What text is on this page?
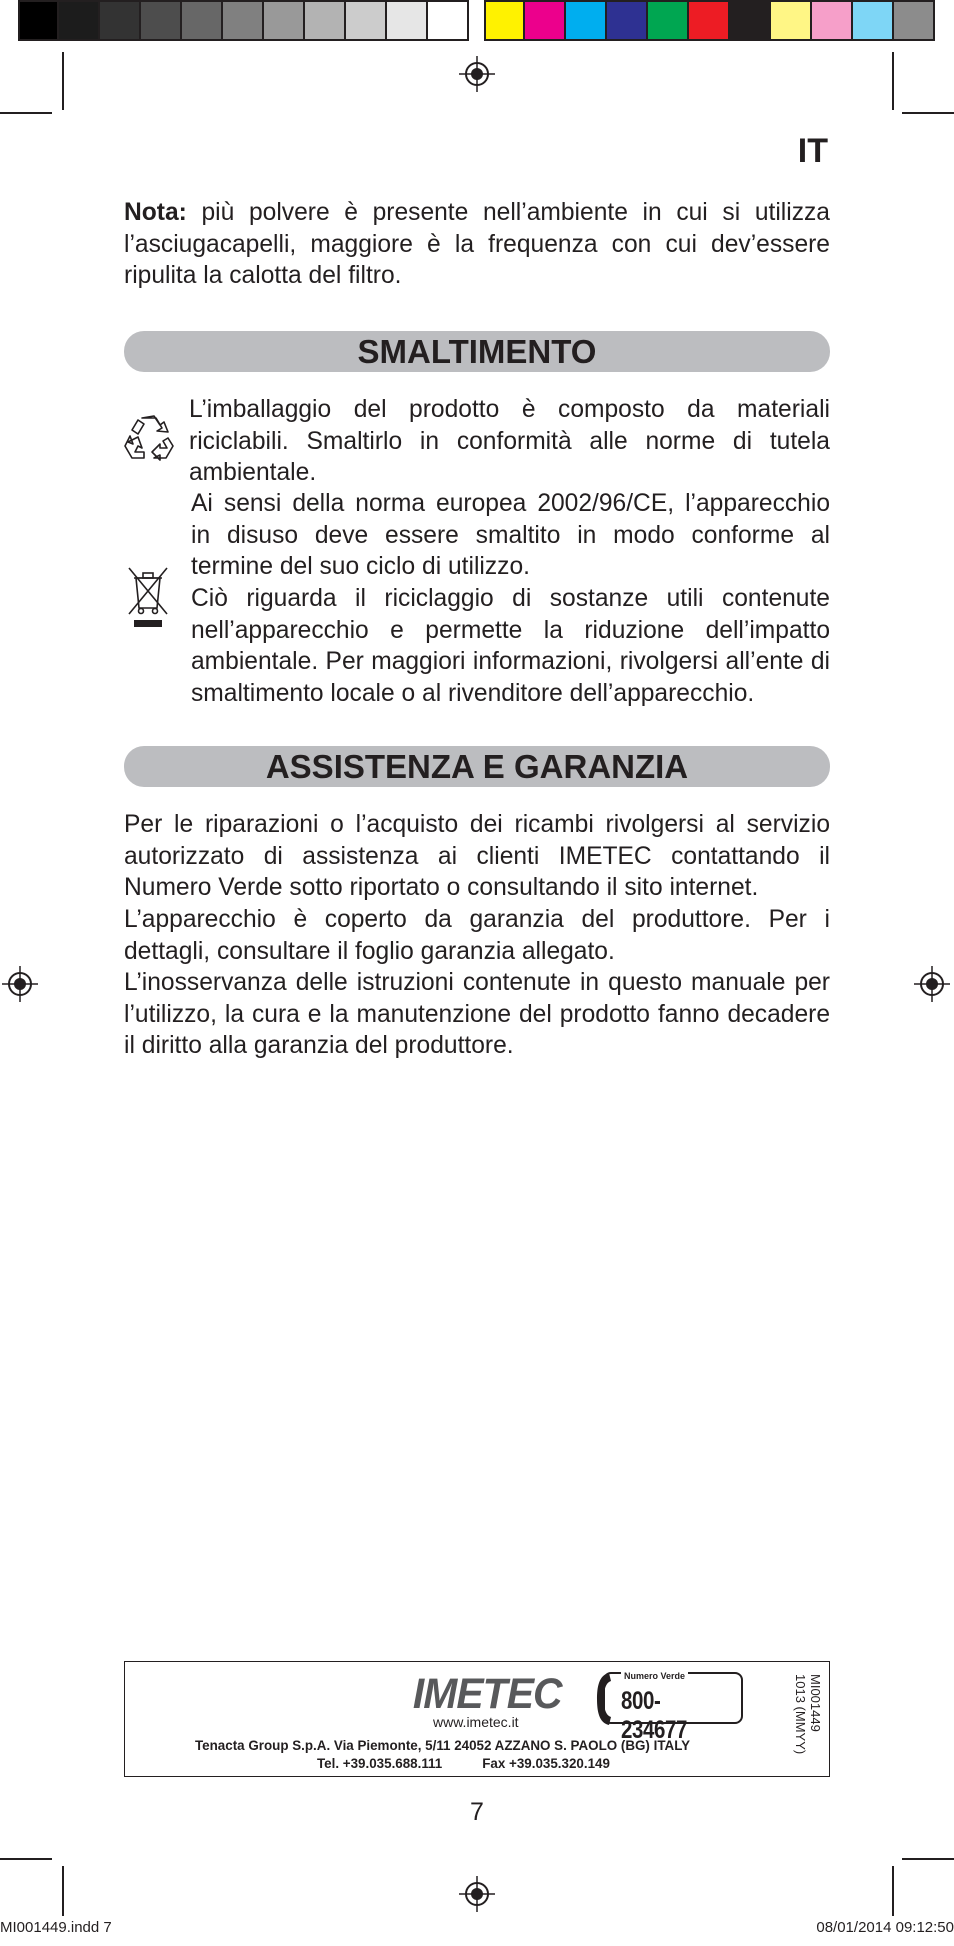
IT

Nota: più polvere è presente nell’ambiente in cui si utilizza l’asciugacapelli, maggiore è la frequenza con cui dev’essere ripulita la calotta del filtro.

SMALTIMENTO

L’imballaggio del prodotto è composto da materiali riciclabili. Smaltirlo in conformità alle norme di tutela ambientale.

Ai sensi della norma europea 2002/96/CE, l’apparecchio in disuso deve essere smaltito in modo conforme al termine del suo ciclo di utilizzo.

Ciò riguarda il riciclaggio di sostanze utili contenute nell’apparecchio e permette la riduzione dell’impatto ambientale. Per maggiori informazioni, rivolgersi all’ente di smaltimento locale o al rivenditore dell’apparecchio.

ASSISTENZA E GARANZIA

Per le riparazioni o l’acquisto dei ricambi rivolgersi al servizio autorizzato di assistenza ai clienti IMETEC contattando il Numero Verde sotto riportato o consultando il sito internet.

L’apparecchio è coperto da garanzia del produttore. Per i dettagli, consultare il foglio garanzia allegato.

L’inosservanza delle istruzioni contenute in questo manuale per l’utilizzo, la cura e la manutenzione del prodotto fanno decadere il diritto alla garanzia del produttore.

IMETEC
www.imetec.it
Numero Verde
800-234677	MI001449
1013 (MMYY)
Tenacta Group S.p.A. Via Piemonte, 5/11 24052 AZZANO S. PAOLO (BG) ITALY
Tel. +39.035.688.111	Fax +39.035.320.149
7
MI001449.indd 7	08/01/2014 09:12:50
